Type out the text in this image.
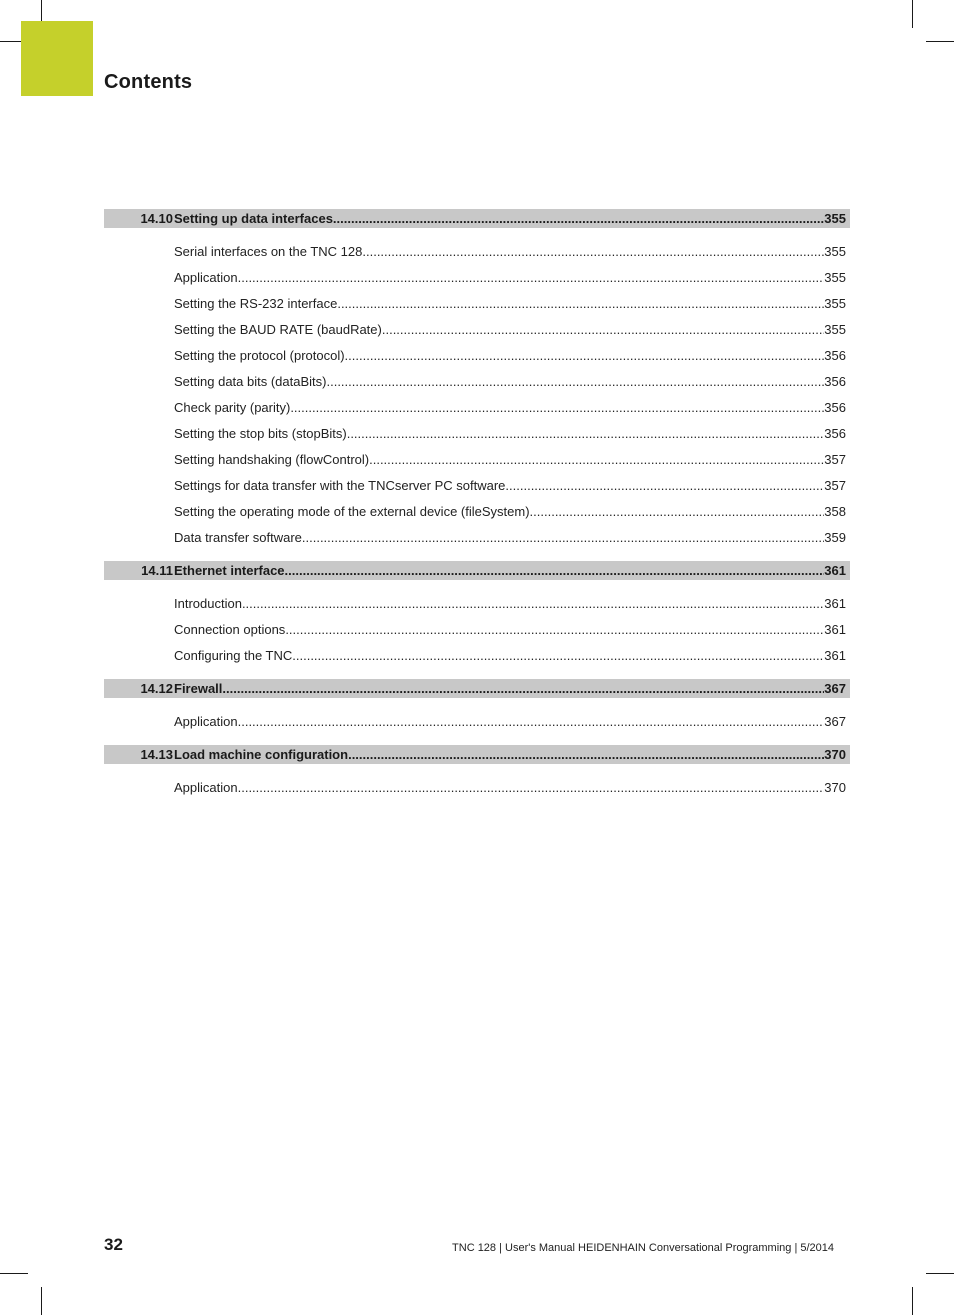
Contents
14.10 Setting up data interfaces .....	355
Serial interfaces on the TNC 128 .....	355
Application .....	355
Setting the RS-232 interface .....	355
Setting the BAUD RATE (baudRate) .....	355
Setting the protocol (protocol) .....	356
Setting data bits (dataBits) .....	356
Check parity (parity) .....	356
Setting the stop bits (stopBits) .....	356
Setting handshaking (flowControl) .....	357
Settings for data transfer with the TNCserver PC software .....	357
Setting the operating mode of the external device (fileSystem) .....	358
Data transfer software .....	359
14.11 Ethernet interface .....	361
Introduction .....	361
Connection options .....	361
Configuring the TNC .....	361
14.12 Firewall .....	367
Application .....	367
14.13 Load machine configuration .....	370
Application .....	370
32	TNC 128 | User's Manual HEIDENHAIN Conversational Programming | 5/2014
